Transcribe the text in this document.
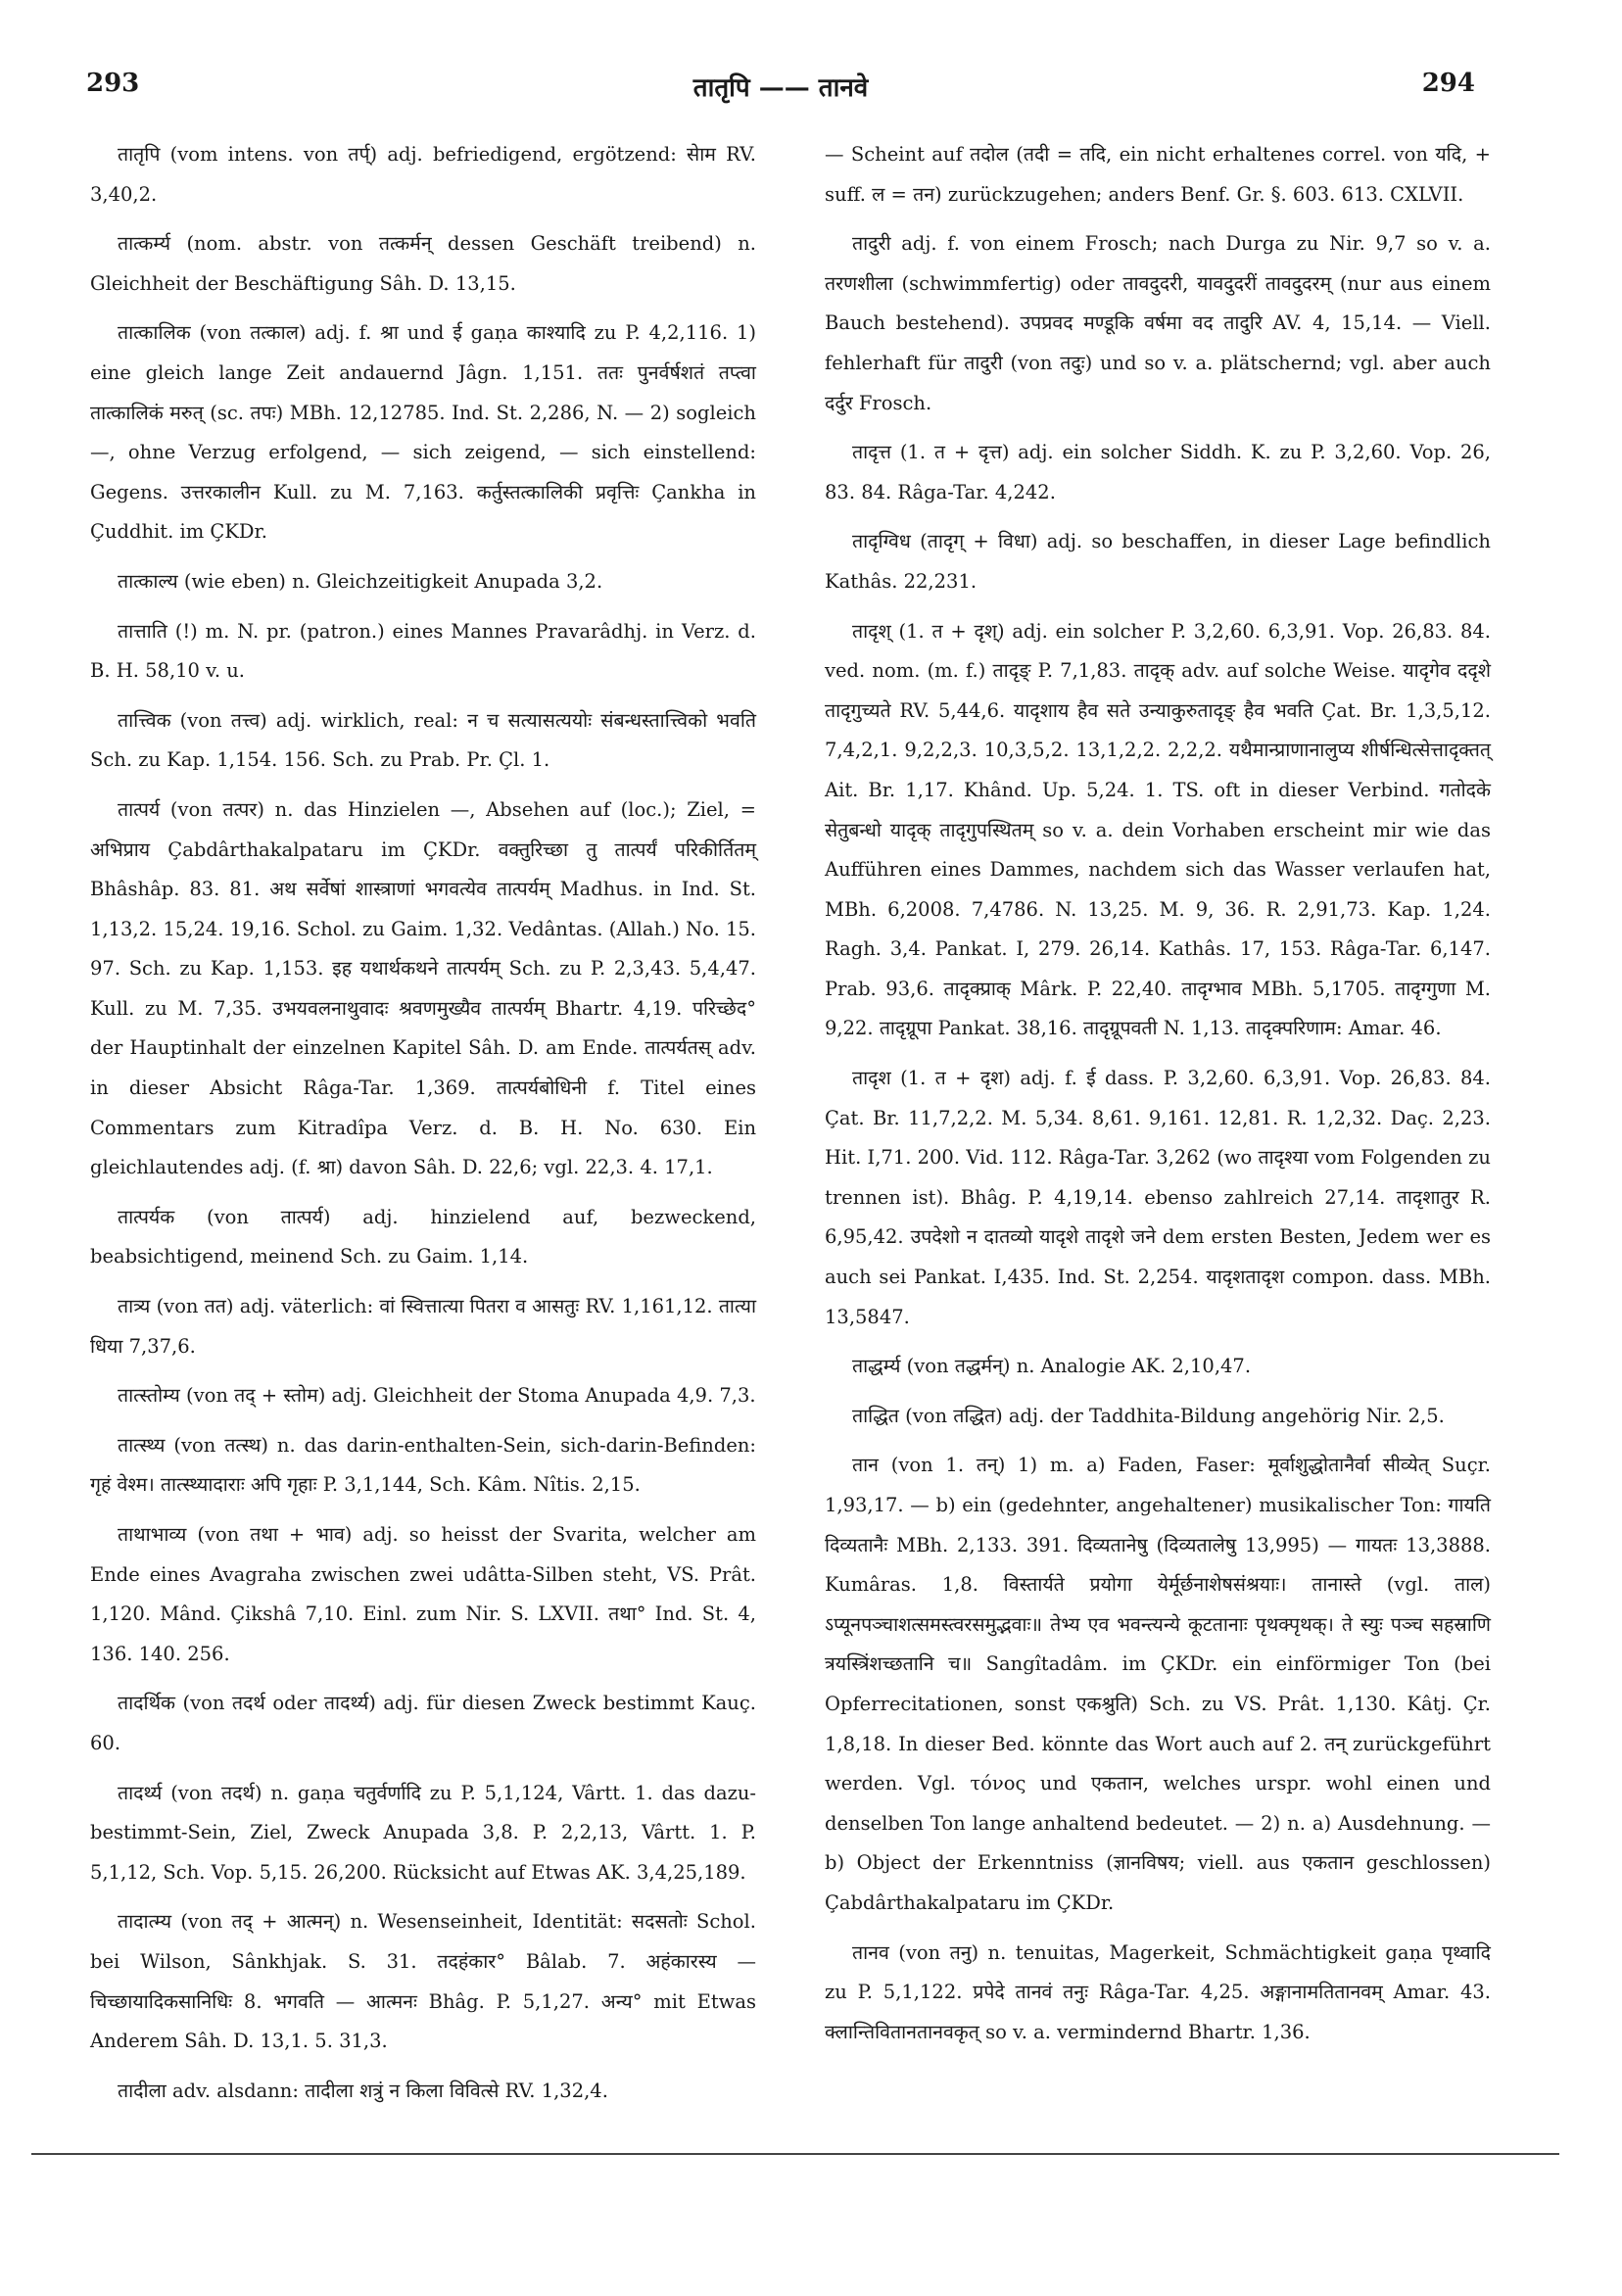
293	तातृपि —— तानवे	294

तातृपि (vom intens. von तर्प्) adj. befriedigend, ergötzend: सेाम RV. 3,40,2.

तात्कर्म्य (nom. abstr. von तत्कर्मन् dessen Geschäft treibend) n. Gleichheit der Beschäftigung Sâh. D. 13,15.

तात्कालिक (von तत्काल) adj. f. श्रा und ई gaṇa काश्यादि zu P. 4,2,116. 1) eine gleich lange Zeit andauernd Jâgn. 1,151. ततः पुनर्वर्षशतं तप्त्वा तात्कालिकं मरुत् (sc. तपः) MBh. 12,12785. Ind. St. 2,286, N. — 2) sogleich —, ohne Verzug erfolgend, — sich zeigend, — sich einstellend: Gegens. उत्तरकालीन Kull. zu M. 7,163. कर्तुस्तत्कालिकी प्रवृत्तिः Çankha in Çuddhit. im ÇKDr.

तात्काल्य (wie eben) n. Gleichzeitigkeit Anupada 3,2.

तात्ताति (!) m. N. pr. (patron.) eines Mannes Pravarâdhj. in Verz. d. B. H. 58,10 v. u.

तात्त्विक (von तत्त्व) adj. wirklich, real: न च सत्यासत्ययोः संबन्धस्तात्त्विको भवति Sch. zu Kap. 1,154. 156. Sch. zu Prab. Pr. Çl. 1.

तात्पर्य (von तत्पर) n. das Hinzielen —, Absehen auf (loc.); Ziel, = अभिप्राय Çabdârthakalpataru im ÇKDr. वक्तुरिच्छा तु तात्पर्यं परिकीर्तितम् Bhâshâp. 83. 81. अथ सर्वेषां शास्त्राणां भगवत्येव तात्पर्यम् Madhus. in Ind. St. 1,13,2. 15,24. 19,16. Schol. zu Gaim. 1,32. Vedântas. (Allah.) No. 15. 97. Sch. zu Kap. 1,153. इह यथार्थकथने तात्पर्यम् Sch. zu P. 2,3,43. 5,4,47. Kull. zu M. 7,35. उभयवलनाथुवादः श्रवणमुख्यैव तात्पर्यम् Bhartr. 4,19. परिच्छेद° der Hauptinhalt der einzelnen Kapitel Sâh. D. am Ende. तात्पर्यतस् adv. in dieser Absicht Râga-Tar. 1,369. तात्पर्यबोधिनी f. Titel eines Commentars zum Kitradîpa Verz. d. B. H. No. 630. Ein gleichlautendes adj. (f. श्रा) davon Sâh. D. 22,6; vgl. 22,3. 4. 17,1.

तात्पर्यक (von तात्पर्य) adj. hinzielend auf, bezweckend, beabsichtigend, meinend Sch. zu Gaim. 1,14.

तात्र्य (von तत) adj. väterlich: वां स्वित्तात्या पितरा व आसतुः RV. 1,161,12. तात्या धिया 7,37,6.

तात्स्तोम्य (von तद् + स्तोम) adj. Gleichheit der Stoma Anupada 4,9. 7,3.

तात्स्थ्य (von तत्स्थ) n. das darin-enthalten-Sein, sich-darin-Befinden: गृहं वेश्म। तात्स्थ्यादाराः अपि गृहाः P. 3,1,144, Sch. Kâm. Nîtis. 2,15.

ताथाभाव्य (von तथा + भाव) adj. so heisst der Svarita, welcher am Ende eines Avagraha zwischen zwei udâtta-Silben steht, VS. Prât. 1,120. Mând. Çikshâ 7,10. Einl. zum Nir. S. LXVII. तथा° Ind. St. 4, 136. 140. 256.

तादर्थिक (von तदर्थ oder तादर्थ्य) adj. für diesen Zweck bestimmt Kauç. 60.

तादर्थ्य (von तदर्थ) n. gaṇa चतुर्वर्णादि zu P. 5,1,124, Vârtt. 1. das dazu-bestimmt-Sein, Ziel, Zweck Anupada 3,8. P. 2,2,13, Vârtt. 1. P. 5,1,12, Sch. Vop. 5,15. 26,200. Rücksicht auf Etwas AK. 3,4,25,189.

तादात्म्य (von तद् + आत्मन्) n. Wesenseinheit, Identität: सदसतोः Schol. bei Wilson, Sânkhjak. S. 31. तदहंकार° Bâlab. 7. अहंकारस्य — चिच्छायादिकसानिधिः 8. भगवति — आत्मनः Bhâg. P. 5,1,27. अन्य° mit Etwas Anderem Sâh. D. 13,1. 5. 31,3.

तादीला adv. alsdann: तादीला शत्रुं न किला विवित्से RV. 1,32,4.

— Scheint auf तदोल (तदी = तदि, ein nicht erhaltenes correl. von यदि, + suff. ल = तन) zurückzugehen; anders Benf. Gr. §. 603. 613. CXLVII.

तादुरी adj. f. von einem Frosch; nach Durga zu Nir. 9,7 so v. a. तरणशीला (schwimmfertig) oder तावदुदरी, यावदुदरीं तावदुदरम् (nur aus einem Bauch bestehend). उपप्रवद मण्डूकि वर्षमा वद तादुरि AV. 4, 15,14. — Viell. fehlerhaft für तादुरी (von तदुः) und so v. a. plätschernd; vgl. aber auch दर्दुर Frosch.

तादृत्त (1. त + दृत्त) adj. ein solcher Siddh. K. zu P. 3,2,60. Vop. 26, 83. 84. Râga-Tar. 4,242.

तादृग्विध (तादृग् + विधा) adj. so beschaffen, in dieser Lage befindlich Kathâs. 22,231.

तादृश् (1. त + दृश्) adj. ein solcher P. 3,2,60. 6,3,91. Vop. 26,83. 84. ved. nom. (m. f.) तादृङ् P. 7,1,83. तादृक् adv. auf solche Weise. यादृगेव ददृशे तादृगुच्यते RV. 5,44,6. यादृशाय हैव सते उन्याकुरुतादृङ् हैव भवति Çat. Br. 1,3,5,12. 7,4,2,1. 9,2,2,3. 10,3,5,2. 13,1,2,2. 2,2,2. यथैमान्प्राणानालुप्य शीर्षन्धित्सेत्तादृक्तत् Ait. Br. 1,17. Khând. Up. 5,24. 1. TS. oft in dieser Verbind. गतोदके सेतुबन्धो यादृक् तादृगुपस्थितम् so v. a. dein Vorhaben erscheint mir wie das Aufführen eines Dammes, nachdem sich das Wasser verlaufen hat, MBh. 6,2008. 7,4786. N. 13,25. M. 9, 36. R. 2,91,73. Kap. 1,24. Ragh. 3,4. Pankat. I, 279. 26,14. Kathâs. 17, 153. Râga-Tar. 6,147. Prab. 93,6. तादृक्प्राक् Mârk. P. 22,40. तादृग्भाव MBh. 5,1705. तादृग्गुणा M. 9,22. तादृग्रूपा Pankat. 38,16. तादृग्रूपवती N. 1,13. तादृक्परिणाम: Amar. 46.

तादृश (1. त + दृश) adj. f. ई dass. P. 3,2,60. 6,3,91. Vop. 26,83. 84. Çat. Br. 11,7,2,2. M. 5,34. 8,61. 9,161. 12,81. R. 1,2,32. Daç. 2,23. Hit. I,71. 200. Vid. 112. Râga-Tar. 3,262 (wo तादृश्या vom Folgenden zu trennen ist). Bhâg. P. 4,19,14. ebenso zahlreich 27,14. तादृशातुर R. 6,95,42. उपदेशो न दातव्यो यादृशे तादृशे जने dem ersten Besten, Jedem wer es auch sei Pankat. I,435. Ind. St. 2,254. यादृशतादृश compon. dass. MBh. 13,5847.

ताद्धर्म्य (von तद्धर्मन्) n. Analogie AK. 2,10,47.

ताद्धित (von तद्धित) adj. der Taddhita-Bildung angehörig Nir. 2,5.

तान (von 1. तन्) 1) m. a) Faden, Faser: मूर्वाशुद्धोतानैर्वा सीव्येत् Suçr. 1,93,17. — b) ein (gedehnter, angehaltener) musikalischer Ton: गायति दिव्यतानैः MBh. 2,133. 391. दिव्यतानेषु (दिव्यतालेषु 13,995) — गायतः 13,3888. Kumâras. 1,8. विस्तार्यते प्रयोगा येर्मूर्छनाशेषसंश्रयाः। तानास्ते (vgl. ताल) ऽप्यूनपञ्चाशत्समस्त्वरसमुद्भवाः॥ तेभ्य एव भवन्त्यन्ये कूटतानाः पृथक्पृथक्। ते स्युः पञ्च सहस्राणि त्रयस्त्रिंशच्छतानि च॥ Sangîtadâm. im ÇKDr. ein einförmiger Ton (bei Opferrecitationen, sonst एकश्रुति) Sch. zu VS. Prât. 1,130. Kâtj. Çr. 1,8,18. In dieser Bed. könnte das Wort auch auf 2. तन् zurückgeführt werden. Vgl. τόνος und एकतान, welches urspr. wohl einen und denselben Ton lange anhaltend bedeutet. — 2) n. a) Ausdehnung. — b) Object der Erkenntniss (ज्ञानविषय; viell. aus एकतान geschlossen) Çabdârthakalpataru im ÇKDr.

तानव (von तनु) n. tenuitas, Magerkeit, Schmächtigkeit gaṇa पृथ्वादि zu P. 5,1,122. प्रपेदे तानवं तनुः Râga-Tar. 4,25. अङ्गानामतितानवम् Amar. 43. क्लान्तिवितानतानवकृत् so v. a. vermindernd Bhartr. 1,36.
